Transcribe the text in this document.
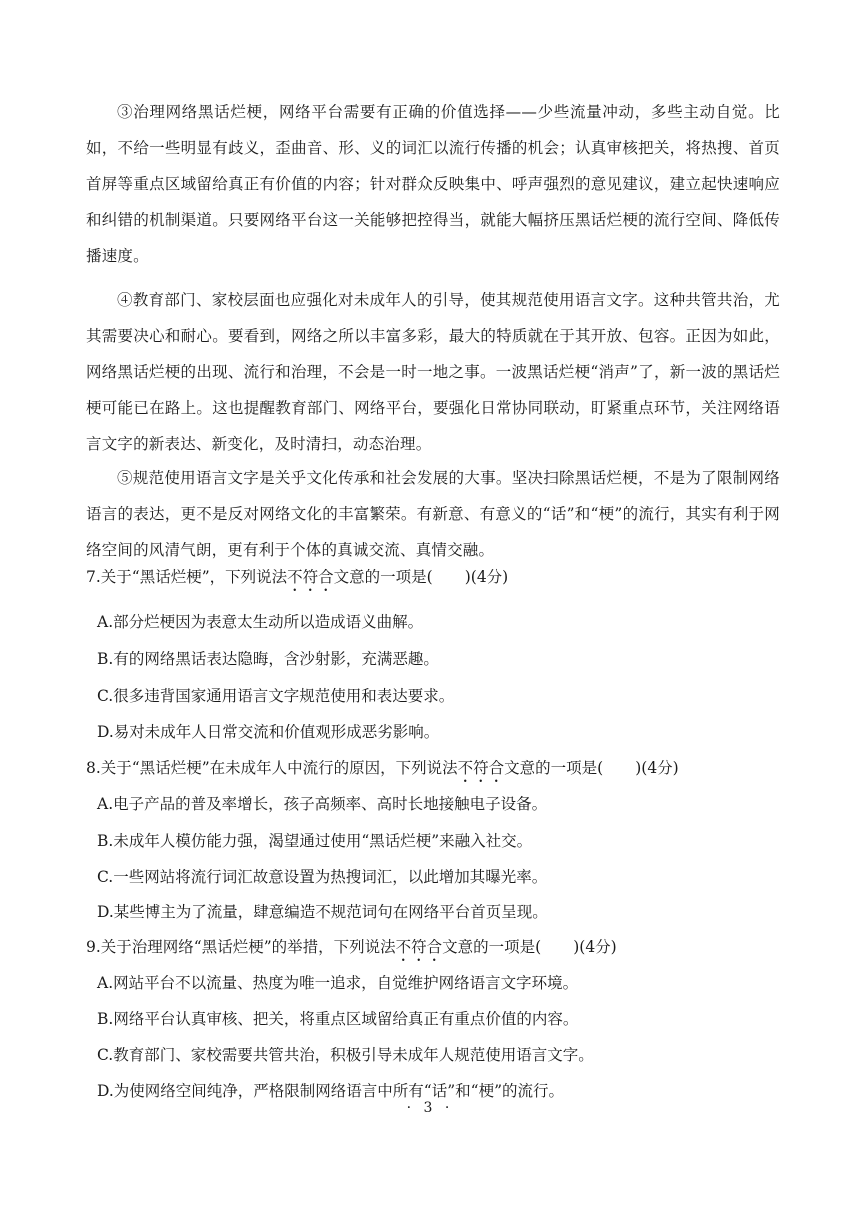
③治理网络黑话烂梗，网络平台需要有正确的价值选择——少些流量冲动，多些主动自觉。比如，不给一些明显有歧义，歪曲音、形、义的词汇以流行传播的机会；认真审核把关，将热搜、首页首屏等重点区域留给真正有价值的内容；针对群众反映集中、呼声强烈的意见建议，建立起快速响应和纠错的机制渠道。只要网络平台这一关能够把控得当，就能大幅挤压黑话烂梗的流行空间、降低传播速度。
④教育部门、家校层面也应强化对未成年人的引导，使其规范使用语言文字。这种共管共治，尤其需要决心和耐心。要看到，网络之所以丰富多彩，最大的特质就在于其开放、包容。正因为如此，网络黑话烂梗的出现、流行和治理，不会是一时一地之事。一波黑话烂梗“消声”了，新一波的黑话烂梗可能已在路上。这也提醒教育部门、网络平台，要强化日常协同联动，盯紧重点环节，关注网络语言文字的新表达、新变化，及时清扫，动态治理。
⑤规范使用语言文字是关乎文化传承和社会发展的大事。坚决扫除黑话烂梗，不是为了限制网络语言的表达，更不是反对网络文化的丰富繁荣。有新意、有意义的“话”和“梗”的流行，其实有利于网络空间的风清气朗，更有利于个体的真诚交流、真情交融。
7.关于“黑话烂梗”，下列说法不符合文意的一项是( )(4分)
A.部分烂梗因为表意太生动所以造成语义曲解。
B.有的网络黑话表达隐晦，含沙射影，充满恶趣。
C.很多违背国家通用语言文字规范使用和表达要求。
D.易对未成年人日常交流和价值观形成恶劣影响。
8.关于“黑话烂梗”在未成年人中流行的原因，下列说法不符合文意的一项是( )(4分)
A.电子产品的普及率增长，孩子高频率、高时长地接触电子设备。
B.未成年人模仿能力强，渴望通过使用“黑话烂梗”来融入社交。
C.一些网站将流行词汇故意设置为热搜词汇，以此增加其曝光率。
D.某些博主为了流量，肆意编造不规范词句在网络平台首页呈现。
9.关于治理网络“黑话烂梗”的举措，下列说法不符合文意的一项是( )(4分)
A.网站平台不以流量、热度为唯一追求，自觉维护网络语言文字环境。
B.网络平台认真审核、把关，将重点区域留给真正有重点价值的内容。
C.教育部门、家校需要共管共治，积极引导未成年人规范使用语言文字。
D.为使网络空间纯净，严格限制网络语言中所有“话”和“梗”的流行。
· 3 ·
